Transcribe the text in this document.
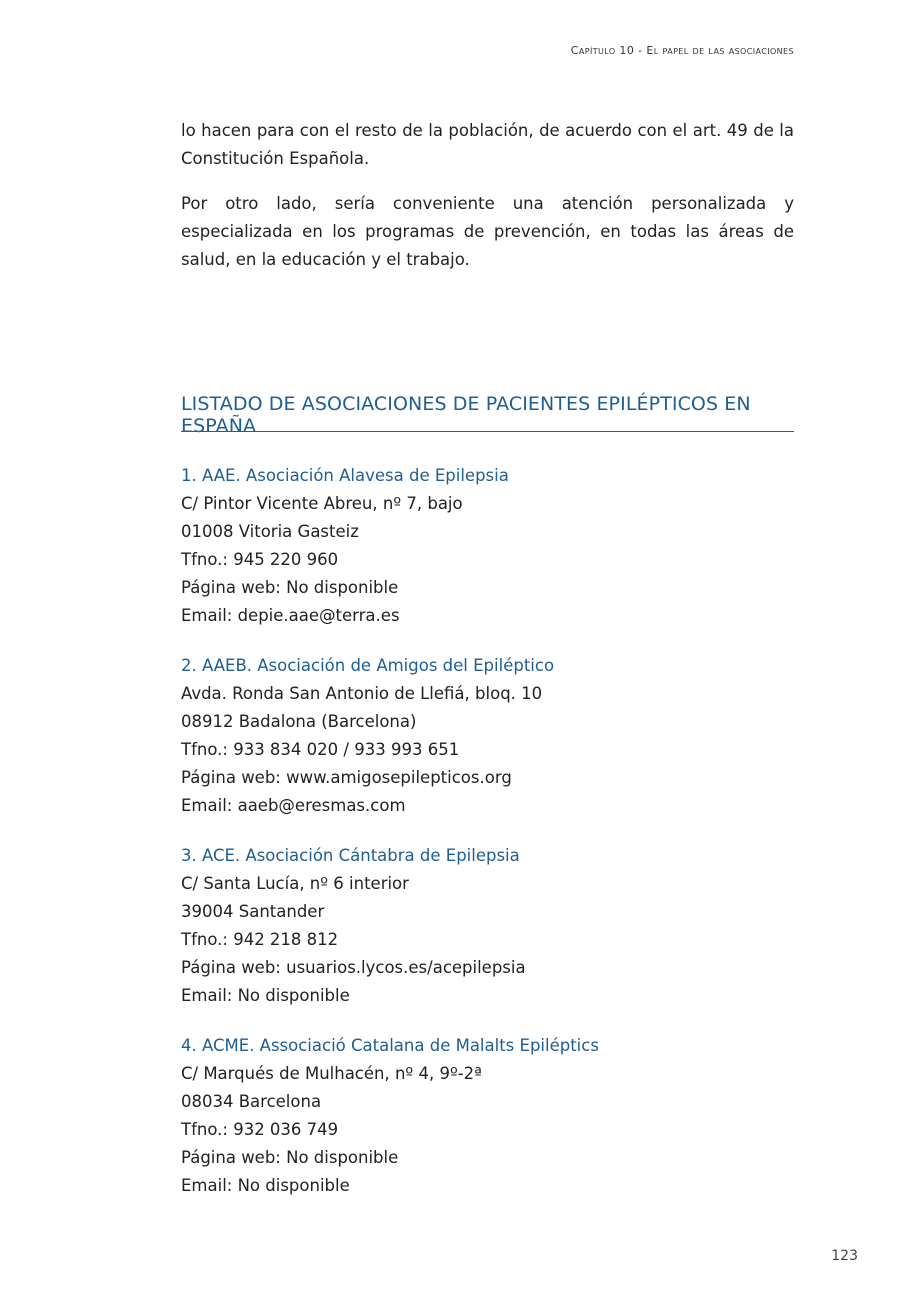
Capítulo 10 - El papel de las asociaciones

lo hacen para con el resto de la población, de acuerdo con el art. 49 de la Constitución Española.

Por otro lado, sería conveniente una atención personalizada y especializada en los programas de prevención, en todas las áreas de salud, en la educación y el trabajo.

LISTADO DE ASOCIACIONES DE PACIENTES EPILÉPTICOS EN ESPAÑA
1. AAE. Asociación Alavesa de Epilepsia
C/ Pintor Vicente Abreu, nº 7, bajo
01008 Vitoria Gasteiz
Tfno.: 945 220 960
Página web: No disponible
Email: depie.aae@terra.es
2. AAEB. Asociación de Amigos del Epiléptico
Avda. Ronda San Antonio de Llefiá, bloq. 10
08912 Badalona (Barcelona)
Tfno.: 933 834 020 / 933 993 651
Página web: www.amigosepilepticos.org
Email: aaeb@eresmas.com
3. ACE. Asociación Cántabra de Epilepsia
C/ Santa Lucía, nº 6 interior
39004 Santander
Tfno.: 942 218 812
Página web: usuarios.lycos.es/acepilepsia
Email: No disponible
4. ACME. Associació Catalana de Malalts Epiléptics
C/ Marqués de Mulhacén, nº 4, 9º-2ª
08034 Barcelona
Tfno.: 932 036 749
Página web: No disponible
Email: No disponible
123
